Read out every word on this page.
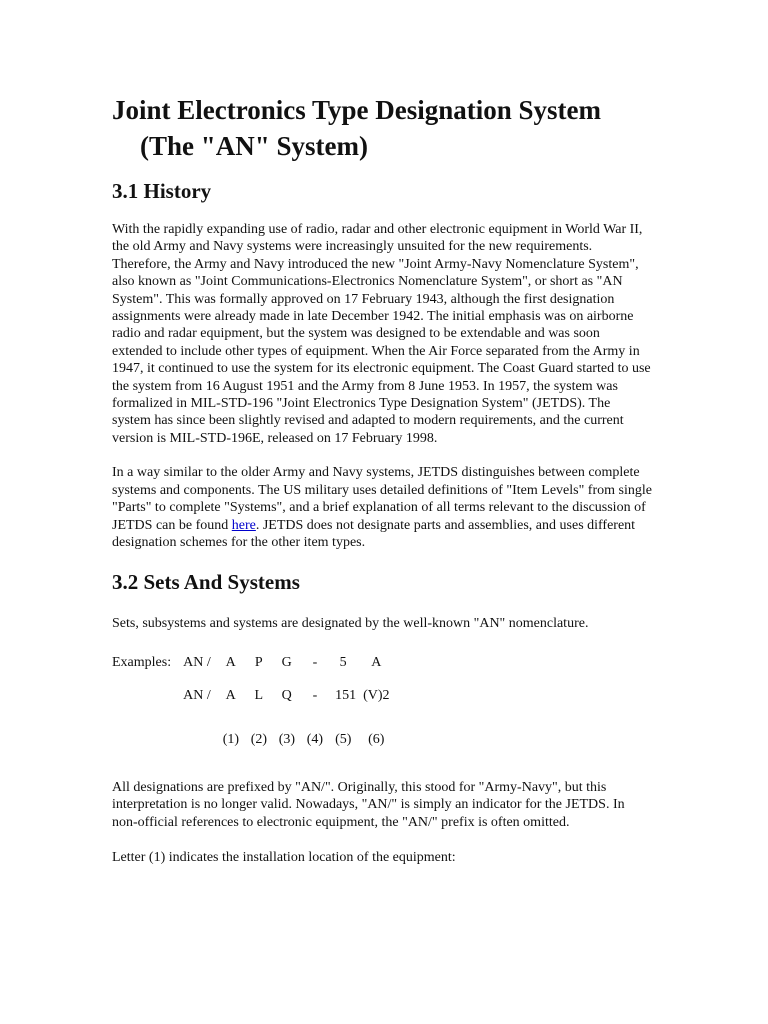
Joint Electronics Type Designation System (The "AN" System)
3.1 History

With the rapidly expanding use of radio, radar and other electronic equipment in World War II, the old Army and Navy systems were increasingly unsuited for the new requirements. Therefore, the Army and Navy introduced the new "Joint Army-Navy Nomenclature System", also known as "Joint Communications-Electronics Nomenclature System", or short as "AN System". This was formally approved on 17 February 1943, although the first designation assignments were already made in late December 1942. The initial emphasis was on airborne radio and radar equipment, but the system was designed to be extendable and was soon extended to include other types of equipment. When the Air Force separated from the Army in 1947, it continued to use the system for its electronic equipment. The Coast Guard started to use the system from 16 August 1951 and the Army from 8 June 1953. In 1957, the system was formalized in MIL-STD-196 "Joint Electronics Type Designation System" (JETDS). The system has since been slightly revised and adapted to modern requirements, and the current version is MIL-STD-196E, released on 17 February 1998.

In a way similar to the older Army and Navy systems, JETDS distinguishes between complete systems and components. The US military uses detailed definitions of "Item Levels" from single "Parts" to complete "Systems", and a brief explanation of all terms relevant to the discussion of JETDS can be found here. JETDS does not designate parts and assemblies, and uses different designation schemes for the other item types.

3.2 Sets And Systems

Sets, subsystems and systems are designated by the well-known "AN" nomenclature.

Examples:	AN /	A	P	G	-	5	A
	AN /	A	L	Q	-	151	(V)2
		(1)	(2)	(3)	(4)	(5)	(6)

All designations are prefixed by "AN/". Originally, this stood for "Army-Navy", but this interpretation is no longer valid. Nowadays, "AN/" is simply an indicator for the JETDS. In non-official references to electronic equipment, the "AN/" prefix is often omitted.

Letter (1) indicates the installation location of the equipment:
